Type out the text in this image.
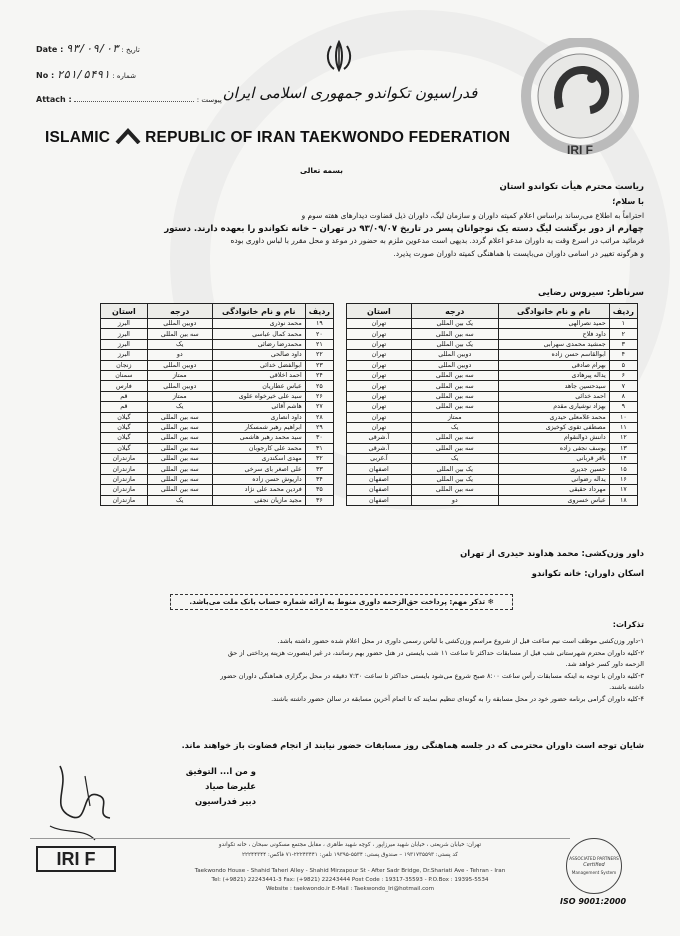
Date : ۹۳/۰۹/۰۳ : تاریخ
No : ۲۵۱/۵۴۹۱ : شماره
Attach :	: پیوست فدراسیون تکواندو جمهوری اسلامی ایران
ISLAMIC REPUBLIC OF IRAN TAEKWONDO FEDERATION
IRI F
بسمه تعالی
ریاست محترم هیأت تکواندو استان
با سلام؛
احتراماً به اطلاع می‌رساند براساس اعلام کمیته داوران و سازمان لیگ، داوران ذیل قضاوت دیدارهای هفته سوم و
چهارم از دور برگشت لیگ دسته یک نوجوانان پسر در تاریخ ۹۳/۰۹/۰۷ در تهران – خانه تکواندو را بعهده دارند. دستور
فرمائید مراتب در اسرع وقت به داوران مدعو اعلام گردد. بدیهی است مدعوین ملزم به حضور در موعد و محل مقرر با لباس داوری بوده
و هرگونه تغییر در اسامی داوران می‌بایست با هماهنگی کمیته داوران صورت پذیرد.
سرناظر: سیروس رضایی
ردیف	نام و نام خانوادگی	درجه	استان
۱	حمید نصرالهی	یک بین المللی	تهران
۲	داود فلاح	سه بین المللی	تهران
۳	جمشید محمدی سهرابی	یک بین المللی	تهران
۴	ابوالقاسم حسن زاده	دوبین المللی	تهران
۵	بهرام صادقی	دوبین المللی	تهران
۶	یداله پیرهادی	سه بین المللی	تهران
۷	سیدحسین جاهد	سه بین المللی	تهران
۸	احمد خدائی	سه بین المللی	تهران
۹	بهزاد نوشیاری مقدم	سه بین المللی	تهران
۱۰	محمد غلامعلی حیدری	ممتاز	تهران
۱۱	مصطفی تقوی کوخیزی	یک	تهران
۱۲	داننش ذوالنقوام	سه بین المللی	آ.شرقی
۱۳	یوسف نجفی زاده	سه بین المللی	آ.شرقی
۱۴	باقر قربانی	یک	آ.غربی
۱۵	حسین جدیری	یک بین المللی	اصفهان
۱۶	یداله رضوانی	یک بین المللی	اصفهان
۱۷	مهرداد حقیقی	سه بین المللی	اصفهان
۱۸	عباس خسروی	دو	اصفهان
ردیف	نام و نام خانوادگی	درجه	استان
۱۹	محمد نوذری	دوبین المللی	البرز
۲۰	محمد کمال عباسی	سه بین المللی	البرز
۲۱	محمدرضا رضائی	یک	البرز
۲۲	داود صالحی	دو	البرز
۲۳	ابوالفضل خدائی	دوبین المللی	زنجان
۲۴	احمد اخلاقی	ممتاز	سمنان
۲۵	عباس عطاریان	دوبین المللی	فارس
۲۶	سید علی خیرخواه علوی	ممتاز	قم
۲۷	هاشم آقائی	یک	قم
۲۸	داود انصاری	سه بین المللی	گیلان
۲۹	ابراهیم رهبر شمسکار	سه بین المللی	گیلان
۳۰	سید محمد رهبر هاشمی	سه بین المللی	گیلان
۳۱	محمد علی کارجوبان	سه بین المللی	گیلان
۳۲	مهدی اسکندری	سه بین المللی	مازندران
۳۳	علی اصغر بای سرخی	سه بین المللی	مازندران
۳۴	داریوش حسن زاده	سه بین المللی	مازندران
۳۵	فردین محمد علی نژاد	سه بین المللی	مازندران
۳۶	مجید مازیان نجفی	یک	مازندران
داور وزن‌کشی: محمد هداوند حیدری از تهران
اسکان داوران: خانه تکواندو
❄ تذکر مهم: پرداخت حق‌الزحمه داوری منوط به ارائه شماره حساب بانک ملت می‌باشد.
تذکرات:
۱-داور وزن‌کشی موظف است نیم ساعت قبل از شروع مراسم وزن‌کشی با لباس رسمی داوری در محل اعلام شده حضور داشته باشد.
۲-کلیه داوران محترم شهرستانی شب قبل از مسابقات حداکثر تا ساعت ۱۱ شب بایستی در هتل حضور بهم رسانند، در غیر اینصورت هزینه پرداختی از حق
الزحمه داور کسر خواهد شد.
۳-کلیه داوران با توجه به اینکه مسابقات رأس ساعت ۸:۰۰ صبح شروع می‌شود بایستی حداکثر تا ساعت ۷:۳۰ دقیقه در محل برگزاری هماهنگی داوران حضور
داشته باشند.
۴-کلیه داوران گرامی برنامه حضور خود در محل مسابقه را به گونه‌ای تنظیم نمایند که تا اتمام آخرین مسابقه در سالن حضور داشته باشند.
شایان توجه است داوران محترمی که در جلسه هماهنگی روز مسابقات حضور نیابند از انجام قضاوت باز خواهند ماند.
و من ا... التوفیق
علیرضا صیاد
دبیر فدراسیون
IRI F
تهران: خیابان شریعتی ، خیابان شهید میرزاپور ، کوچه شهید طاهری ، مقابل مجتمع مسکونی سبحان ، خانه تکواندو
کد پستی: ۱۹۳۱۷۳۵۵۹۳ – صندوق پستی: ۵۵۳۴-۱۹۳۹۵ تلفن: ۲۲۲۴۳۴۴۱-۷۱ فاکس: ۲۲۲۴۴۳۴۴
Taekwondo House - Shahid Taheri Alley - Shahid Mirzapour St - After Sadr Bridge, Dr.Shariati Ave - Tehran - Iran
Tel: (+9821) 22243441-3 Fax: (+9821) 22243444 Post Code : 19317-35593 - P.O.Box : 19395-5534
Website : taekwondo.ir E-Mail : Taekwondo_Iri@hotmail.com
ASSOCIATED PARTNERS
Certified
Management System
ISO 9001:2000
